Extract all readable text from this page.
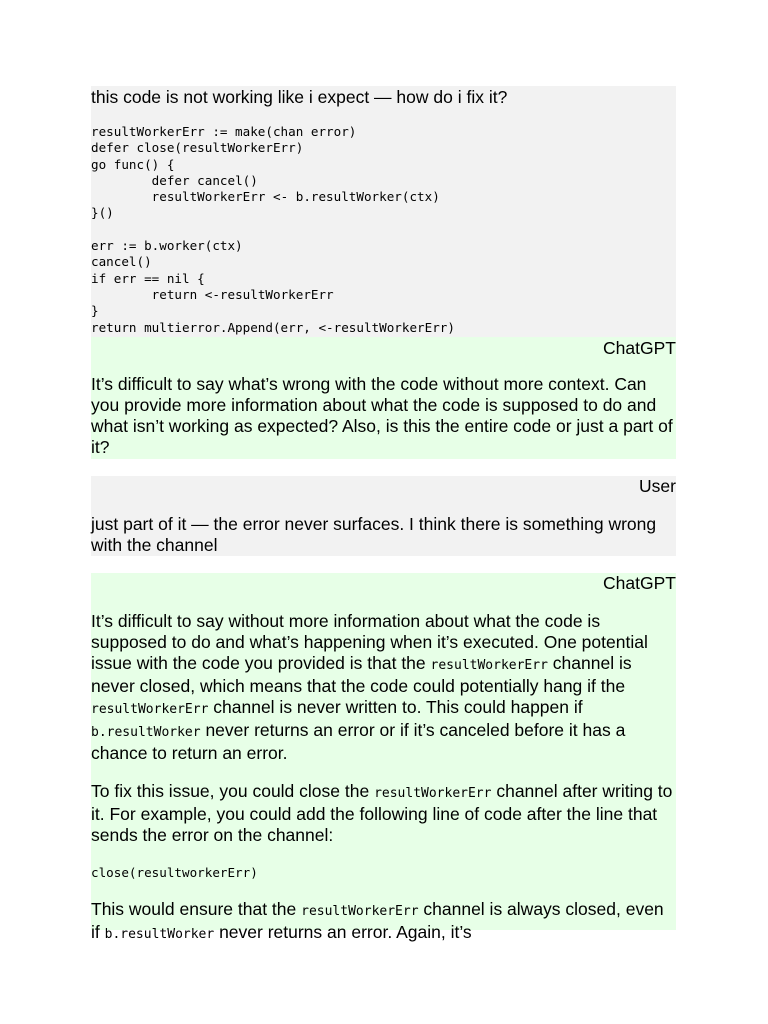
this code is not working like i expect — how do i fix it?

resultWorkerErr := make(chan error)
defer close(resultWorkerErr)
go func() {
	defer cancel()
	resultWorkerErr <- b.resultWorker(ctx)
}()

err := b.worker(ctx)
cancel()
if err == nil {
	return <-resultWorkerErr
}
return multierror.Append(err, <-resultWorkerErr)

ChatGPT

It’s difficult to say what’s wrong with the code without more context. Can you provide more information about what the code is supposed to do and what isn’t working as expected? Also, is this the entire code or just a part of it?

User

just part of it — the error never surfaces. I think there is something wrong with the channel

ChatGPT

It’s difficult to say without more information about what the code is supposed to do and what’s happening when it’s executed. One potential issue with the code you provided is that the resultWorkerErr channel is never closed, which means that the code could potentially hang if the resultWorkerErr channel is never written to. This could happen if b.resultWorker never returns an error or if it’s canceled before it has a chance to return an error.

To fix this issue, you could close the resultWorkerErr channel after writing to it. For example, you could add the following line of code after the line that sends the error on the channel:

close(resultworkerErr)

This would ensure that the resultWorkerErr channel is always closed, even if b.resultWorker never returns an error. Again, it’s
